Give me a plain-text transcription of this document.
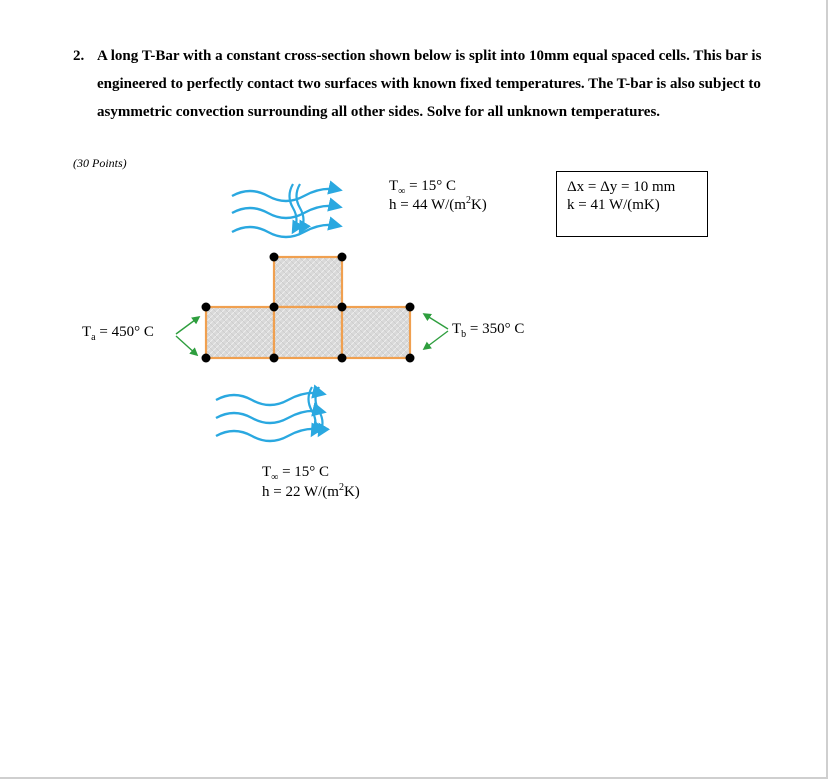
2. A long T-Bar with a constant cross-section shown below is split into 10mm equal spaced cells. This bar is engineered to perfectly contact two surfaces with known fixed temperatures. The T-bar is also subject to asymmetric convection surrounding all other sides. Solve for all unknown temperatures.
(30 Points)
$T_\infty = 15^\circ$ C
h = 44 $W/(m^2K)$
Δx = Δy = 10 mm
k = 41 W/(mK)
$T_a = 450^\circ$ C	$T_b = 350^\circ$ C
$T_\infty = 15^\circ$ C
h = 22 $W/(m^2K)$
